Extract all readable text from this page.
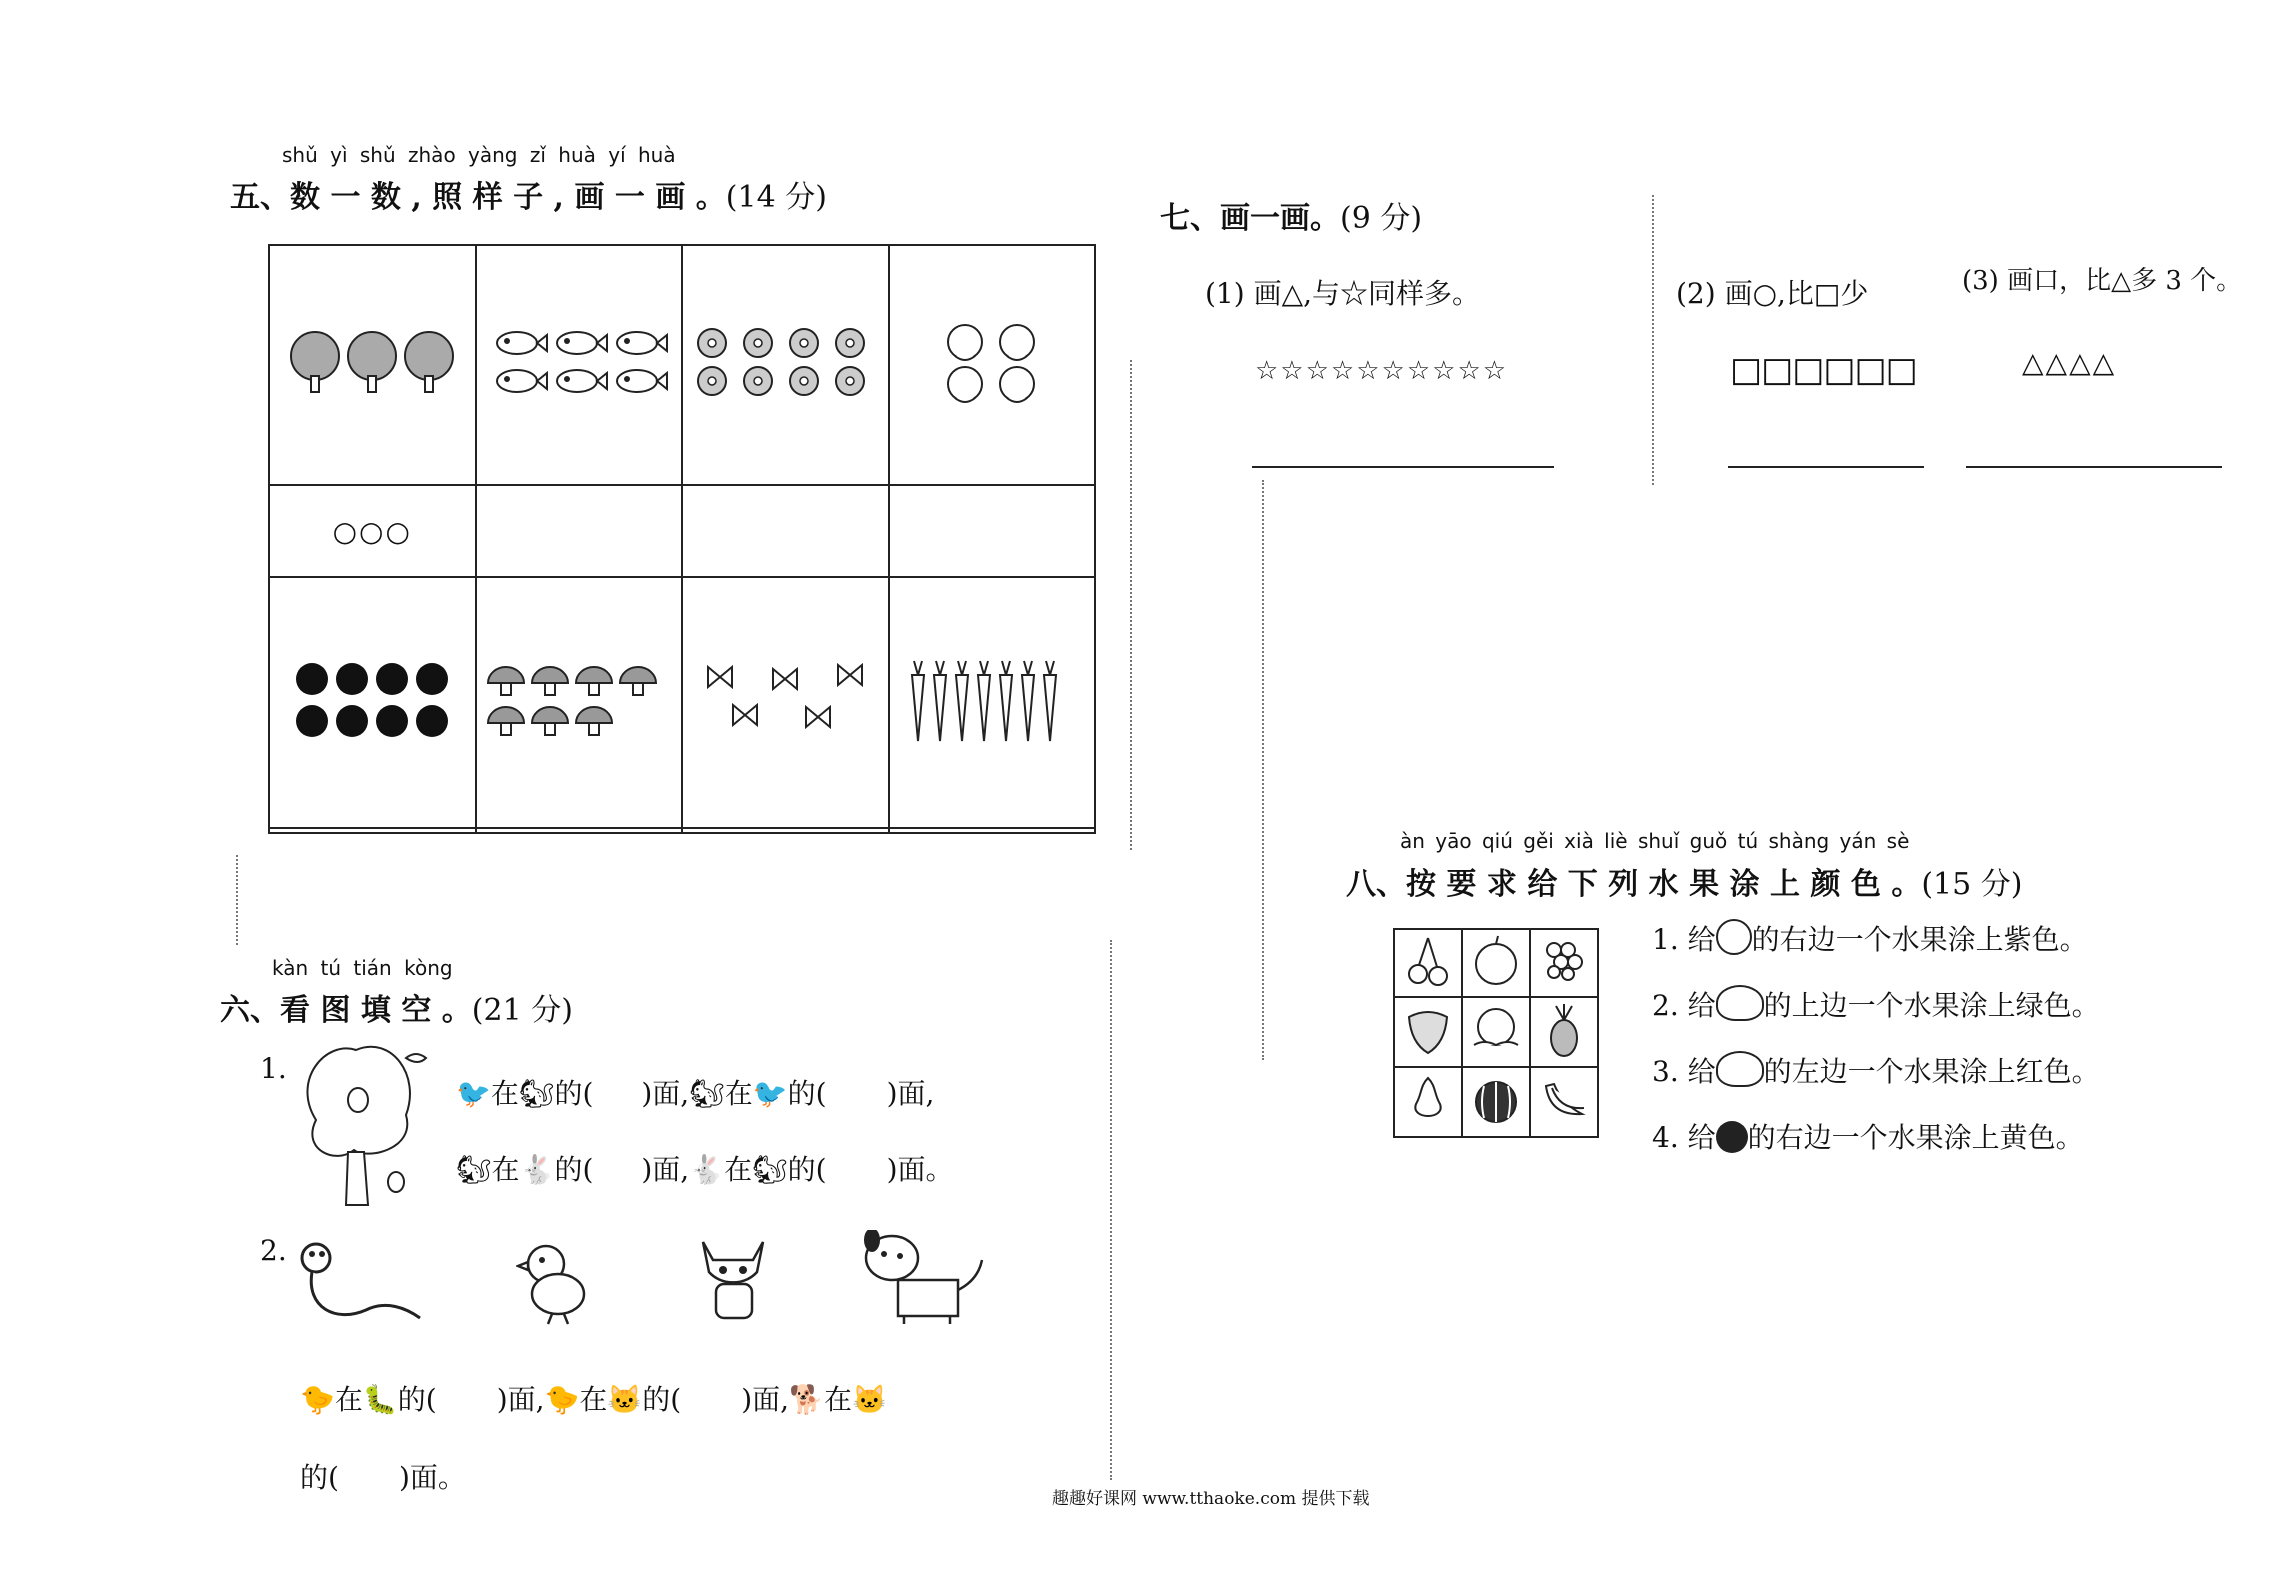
shǔ yì shǔ zhào yàng zǐ huà yí huà
五、数 一 数 , 照 样 子 , 画 一 画 。(14 分)

○○○			

kàn tú tián kòng
六、看 图 填 空 。(21 分)
1.
🐦在🐿的( )面,🐿在🐦的( )面,
🐿在🐇的( )面,🐇在🐿的( )面。
2.
🐤在🐛的( )面,🐤在🐱的( )面,🐕在🐱
的( )面。
七、画一画。(9 分)
(1) 画△,与☆同样多。
☆☆☆☆☆☆☆☆☆☆
(2) 画○,比□少
□□□□□□
(3) 画口，比△多 3 个。
△△△△
àn yāo qiú gěi xià liè shuǐ guǒ tú shàng yán sè
八、按 要 求 给 下 列 水 果 涂 上 颜 色 。(15 分)

1. 给 的右边一个水果涂上紫色。
2. 给 的上边一个水果涂上绿色。
3. 给 的左边一个水果涂上红色。
4. 给 的右边一个水果涂上黄色。
趣趣好课网 www.tthaoke.com 提供下载
